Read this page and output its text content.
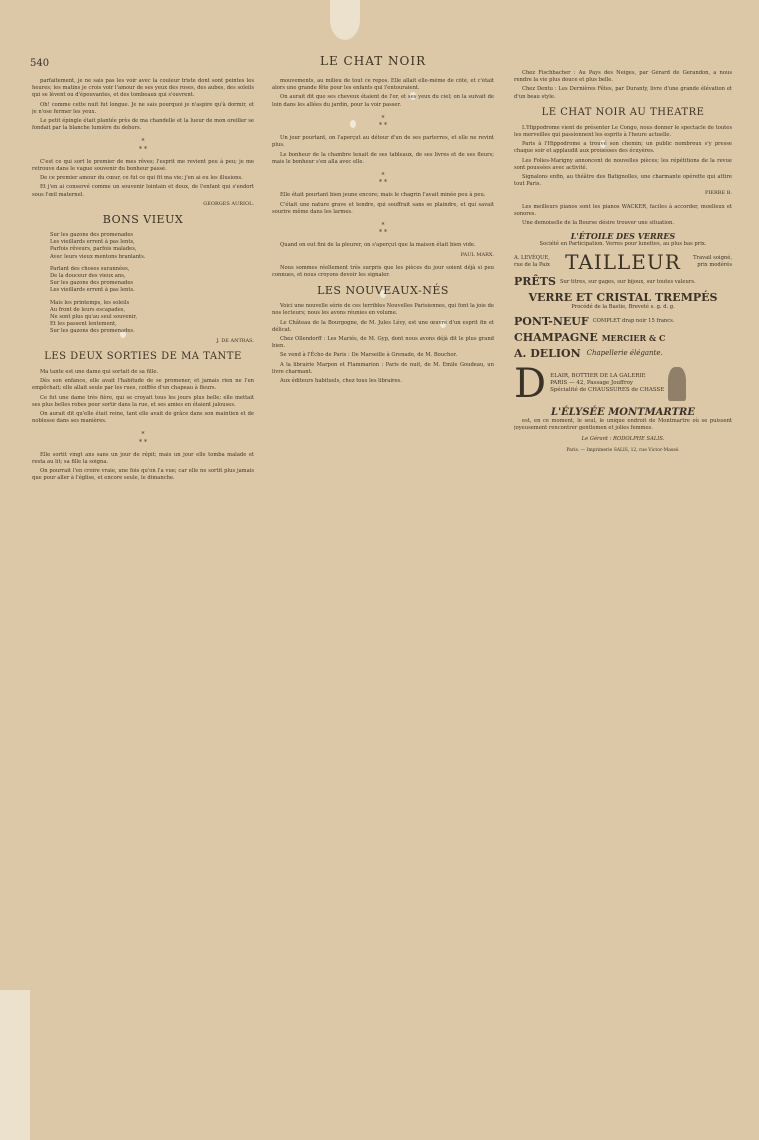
540	LE CHAT NOIR

parfaitement, je ne sais pas les voir avec la couleur triste dont sont peintes les heures; les matins je crois voir l'amour de ses yeux des roses, des aubes, des soleils qui se lèvent ou d'épouvantes, et des tombeaux qui s'ouvrent.

Oh! comme cette nuit fut longue. Je ne sais pourquoi je n'aspire qu'à dormir, et je n'ose fermer les yeux.

Le petit épingle était plantée près de ma chandelle et la lueur de mon oreiller se fondait par la blanche lumière du dehors.

*
* *

C'est ce qui sort le premier de mes rêves; l'esprit me revient peu à peu; je me retrouve dans le vague souvenir du bonheur passé.

De ce premier amour du cœur, ce fut ce qui fit ma vie; j'en ai eu les illusions.

Et j'en ai conservé comme un souvenir lointain et doux, de l'enfant qui s'endort sous l'œil maternel.

GEORGES AURIOL.
BONS VIEUX
Sur les gazons des promenades
Les vieillards errent à pas lents,
Parfois rêveurs, parfois malades,
Avec leurs vieux mentons branlants.
Parlant des choses surannées,
De la douceur des vieux ans,
Sur les gazons des promenades
Les vieillards errent à pas lents.
Mais les printemps, les soleils
Au front de leurs escapades,
Ne sont plus qu'au seul souvenir,
Et les passent lentement,
Sur les gazons des promenades.
J. DE ANTRAS.
LES DEUX SORTIES DE MA TANTE

Ma tante est une dame qui sortait de sa fille.

Dès son enfance, elle avait l'habitude de se promener, et jamais rien ne l'en empêchait; elle allait seule par les rues, coiffée d'un chapeau à fleurs.

Ce fut une dame très fière, qui se croyait tous les jours plus belle; elle mettait ses plus belles robes pour sortir dans la rue, et ses amies en étaient jalouses.

On aurait dit qu'elle était reine, tant elle avait de grâce dans son maintien et de noblesse dans ses manières.

*
* *

Elle sortit vingt ans sans un jour de répit; mais un jour elle tomba malade et resta au lit; sa fille la soigna.

On pourrait l'en croire vraie, une fois qu'on l'a vue; car elle ne sortit plus jamais que pour aller à l'église, et encore seule, le dimanche.

mouvements, au milieu de tout ce repos. Elle allait elle-même de côté, et c'était alors une grande fête pour les enfants qui l'entouraient.

On aurait dit que ses cheveux étaient de l'or, et ses yeux du ciel; on la suivait de loin dans les allées du jardin, pour la voir passer.

*
* *

Un jour pourtant, on l'aperçut au détour d'un de ses parterres, et elle ne revint plus.

Le bonheur de la chambre tenait de ses tableaux, de ses livres et de ses fleurs; mais le bonheur s'en alla avec elle.

*
* *

Elle était pourtant bien jeune encore; mais le chagrin l'avait minée peu à peu.

C'était une nature grave et tendre, qui souffrait sans se plaindre, et qui savait sourire même dans les larmes.

*
* *

Quand on eut fini de la pleurer, on s'aperçut que la maison était bien vide.

PAUL MARX.

Nous sommes réellement très surpris que les pièces du jour soient déjà si peu connues, et nous croyons devoir les signaler.

LES NOUVEAUX-NÉS

Voici une nouvelle série de ces terribles Nouvelles Parisiennes, qui font la joie de nos lecteurs; nous les avons réunies en volume.

Le Château de la Bourgogne, de M. Jules Lévy, est une œuvre d'un esprit fin et délicat.

Chez Ollendorff : Les Mariés, de M. Gyp, dont nous avons déjà dit le plus grand bien.

Se vend à l'Écho de Paris : De Marseille à Grenade, de M. Bouchor.

A la librairie Marpon et Flammarion : Paris de nuit, de M. Emile Goudeau, un livre charmant.

Aux éditeurs habituels, chez tous les libraires.

Chez Fischbacher : Au Pays des Neiges, par Gérard de Gerandon, a nous rendre la vie plus douce et plus belle.

Chez Dentu : Les Dernières Fêtes, par Duranty, livre d'une grande élévation et d'un beau style.

LE CHAT NOIR AU THEATRE

L'Hippodrome vient de présenter Le Congo, nous donner le spectacle de toutes les merveilles qui passionnent les esprits à l'heure actuelle.

Paris à l'Hippodrome a trouvé son chemin; un public nombreux s'y presse chaque soir et applaudit aux prouesses des écuyères.

Les Folies-Marigny annoncent de nouvelles pièces; les répétitions de la revue sont poussées avec activité.

Signalons enfin, au théâtre des Batignolles, une charmante opérette qui attire tout Paris.

PIERRE B.

Les meilleurs pianos sont les pianos WACKER, faciles à accorder, moelleux et sonores.

Une demoiselle de la Bourse désire trouver une situation.

L'ÉTOILE DES VERRES
Société en Participation. Verres pour lunettes, au plus bas prix.
A. LEVÉQUE, rue de la Paix TAILLEUR	Travail soigné, prix modérés
PRÊTS Sur titres, sur gages, sur bijoux, sur toutes valeurs.
VERRE ET CRISTAL TREMPÉS
Procédé de la Bastie, Breveté s. g. d. g.
PONT-NEUF COMPLET drap noir 15 francs.
CHAMPAGNE MERCIER & C
A. DELION Chapellerie élégante.
D ELAIR, BOTTIER DE LA GALERIE
PARIS — 42, Passage Jouffroy
Spécialité de CHAUSSURES de CHASSE
L'ÉLYSÉE MONTMARTRE

est, en ce moment, le seul, le unique endroit de Montmartre où se puissent joyeusement rencontrer gentlemen et jolies femmes.

Le Gérant : RODOLPHE SALIS.
Paris. — Imprimerie SALIS, 12, rue Victor-Massé.
